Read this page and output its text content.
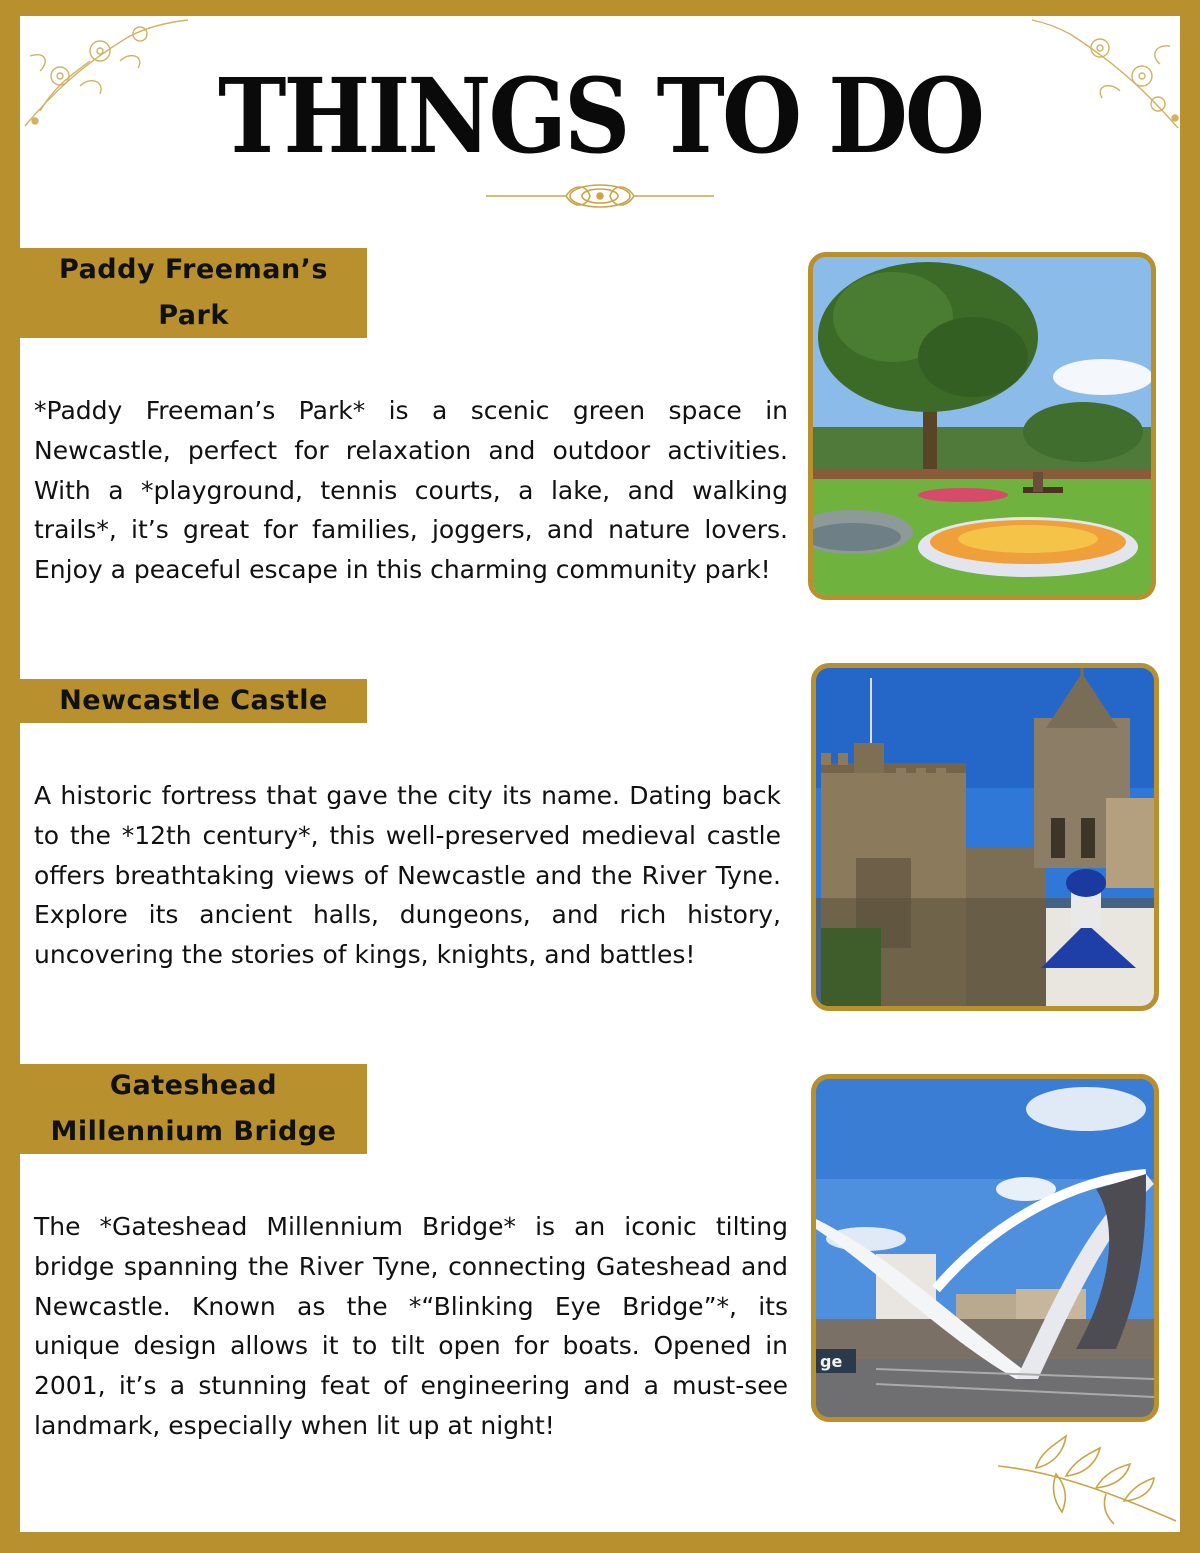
THINGS TO DO
Paddy Freeman’s
Park

*Paddy Freeman’s Park* is a scenic green space in Newcastle, perfect for relaxation and outdoor activities. With a *playground, tennis courts, a lake, and walking trails*, it’s great for families, joggers, and nature lovers. Enjoy a peaceful escape in this charming community park!

Newcastle Castle

A historic fortress that gave the city its name. Dating back to the *12th century*, this well-preserved medieval castle offers breathtaking views of Newcastle and the River Tyne. Explore its ancient halls, dungeons, and rich history, uncovering the stories of kings, knights, and battles!

Gateshead
Millennium Bridge

The *Gateshead Millennium Bridge* is an iconic tilting bridge spanning the River Tyne, connecting Gateshead and Newcastle. Known as the *“Blinking Eye Bridge”*, its unique design allows it to tilt open for boats. Opened in 2001, it’s a stunning feat of engineering and a must-see landmark, especially when lit up at night!

ge
